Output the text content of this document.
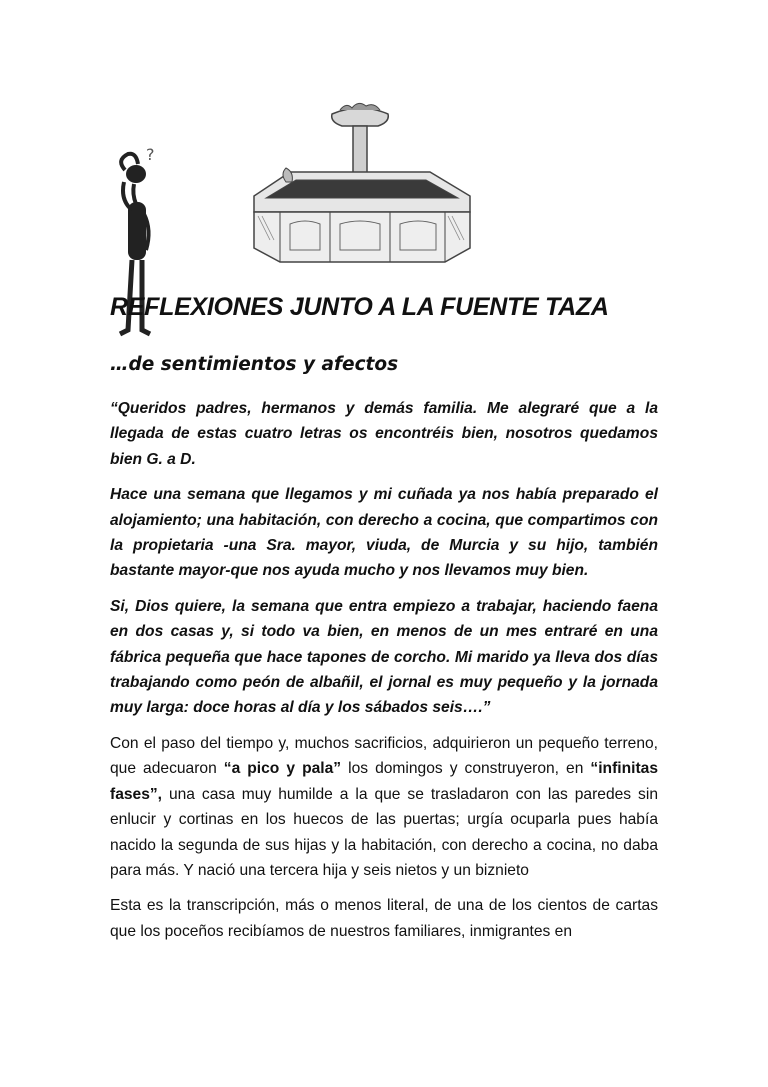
?
REFLEXIONES JUNTO A LA FUENTE TAZA
…de sentimientos y afectos

“Queridos padres, hermanos y demás familia. Me alegraré que a la llegada de estas cuatro letras os encontréis bien, nosotros quedamos bien G. a D.

Hace una semana que llegamos y mi cuñada ya nos había preparado el alojamiento; una habitación, con derecho a cocina, que compartimos con la propietaria -una Sra. mayor, viuda, de Murcia y su hijo, también bastante mayor-que nos ayuda mucho y nos llevamos muy bien.

Si, Dios quiere, la semana que entra empiezo a trabajar, haciendo faena en dos casas y, si todo va bien, en menos de un mes entraré en una fábrica pequeña que hace tapones de corcho. Mi marido ya lleva dos días trabajando como peón de albañil, el jornal es muy pequeño y la jornada muy larga: doce horas al día y los sábados seis….”

Con el paso del tiempo y, muchos sacrificios, adquirieron un pequeño terreno, que adecuaron “a pico y pala” los domingos y construyeron, en “infinitas fases”, una casa muy humilde a la que se trasladaron con las paredes sin enlucir y cortinas en los huecos de las puertas; urgía ocuparla pues había nacido la segunda de sus hijas y la habitación, con derecho a cocina, no daba para más. Y nació una tercera hija y seis nietos y un biznieto

Esta es la transcripción, más o menos literal, de una de los cientos de cartas que los poceños recibíamos de nuestros familiares, inmigrantes en
